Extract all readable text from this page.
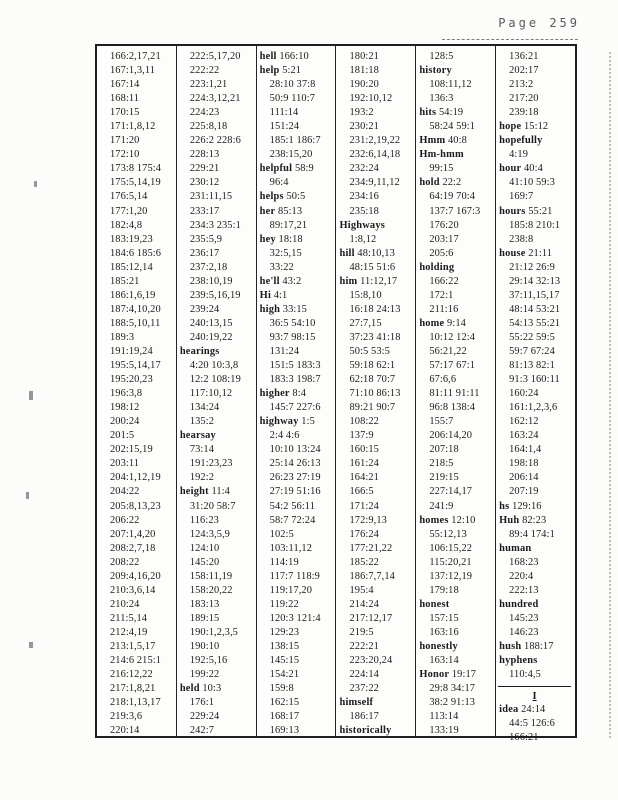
Page 259
166:2,17,21
167:1,3,11
167:14
168:11
170:15
171:1,8,12
171:20
172:10
173:8 175:4
175:5,14,19
176:5,14
177:1,20
182:4,8
183:19,23
184:6 185:6
185:12,14
185:21
186:1,6,19
187:4,10,20
188:5,10,11
189:3
191:19,24
195:5,14,17
195:20,23
196:3,8
198:12
200:24
201:5
202:15,19
203:11
204:1,12,19
204:22
205:8,13,23
206:22
207:1,4,20
208:2,7,18
208:22
209:4,16,20
210:3,6,14
210:24
211:5,14
212:4,19
213:1,5,17
214:6 215:1
216:12,22
217:1,8,21
218:1,13,17
219:3,6
220:14
222:5,17,20
222:22
223:1,21
224:3,12,21
224:23
225:8,18
226:2 228:6
228:13
229:21
230:12
231:11,15
233:17
234:3 235:1
235:5,9
236:17
237:2,18
238:10,19
239:5,16,19
239:24
240:13,15
240:19,22
hearings
4:20 10:3,8
12:2 108:19
117:10,12
134:24
135:2
hearsay
73:14
191:23,23
192:2
height 11:4
31:20 58:7
116:23
124:3,5,9
124:10
145:20
158:11,19
158:20,22
183:13
189:15
190:1,2,3,5
190:10
192:5,16
199:22
held 10:3
176:1
229:24
242:7
hell 166:10
help 5:21
28:10 37:8
50:9 110:7
111:14
151:24
185:1 186:7
238:15,20
helpful 58:9
96:4
helps 50:5
her 85:13
89:17,21
hey 18:18
32:5,15
33:22
he'll 43:2
Hi 4:1
high 33:15
36:5 54:10
93:7 98:15
131:24
151:5 183:3
183:3 198:7
higher 8:4
145:7 227:6
highway 1:5
2:4 4:6
10:10 13:24
25:14 26:13
26:23 27:19
27:19 51:16
54:2 56:11
58:7 72:24
102:5
103:11,12
114:19
117:7 118:9
119:17,20
119:22
120:3 121:4
129:23
138:15
145:15
154:21
159:8
162:15
168:17
169:13
180:21
181:18
190:20
192:10,12
193:2
230:21
231:2,19,22
232:6,14,18
232:24
234:9,11,12
234:16
235:18
Highways
1:8,12
hill 48:10,13
48:15 51:6
him 11:12,17
15:8,10
16:18 24:13
27:7,15
37:23 41:18
50:5 53:5
59:18 62:1
62:18 70:7
71:10 86:13
89:21 90:7
108:22
137:9
160:15
161:24
164:21
166:5
171:24
172:9,13
176:24
177:21,22
185:22
186:7,7,14
195:4
214:24
217:12,17
219:5
222:21
223:20,24
224:14
237:22
himself
186:17
historically
128:5
history
108:11,12
136:3
hits 54:19
58:24 59:1
Hmm 40:8
Hm-hmm
99:15
hold 22:2
64:19 70:4
137:7 167:3
176:20
203:17
205:6
holding
166:22
172:1
211:16
home 9:14
10:12 12:4
56:21,22
57:17 67:1
67:6,6
81:11 91:11
96:8 138:4
155:7
206:14,20
207:18
218:5
219:15
227:14,17
241:9
homes 12:10
55:12,13
106:15,22
115:20,21
137:12,19
179:18
honest
157:15
163:16
honestly
163:14
Honor 19:17
29:8 34:17
38:2 91:13
113:14
133:19
136:21
202:17
213:2
217:20
239:18
hope 15:12
hopefully
4:19
hour 40:4
41:10 59:3
169:7
hours 55:21
185:8 210:1
238:8
house 21:11
21:12 26:9
29:14 32:13
37:11,15,17
48:14 53:21
54:13 55:21
55:22 59:5
59:7 67:24
81:13 82:1
91:3 160:11
160:24
161:1,2,3,6
162:12
163:24
164:1,4
198:18
206:14
207:19
hs 129:16
Huh 82:23
89:4 174:1
human
168:23
220:4
222:13
hundred
145:23
146:23
hush 188:17
hyphens
110:4,5
I
idea 24:14
44:5 126:6
166:21
